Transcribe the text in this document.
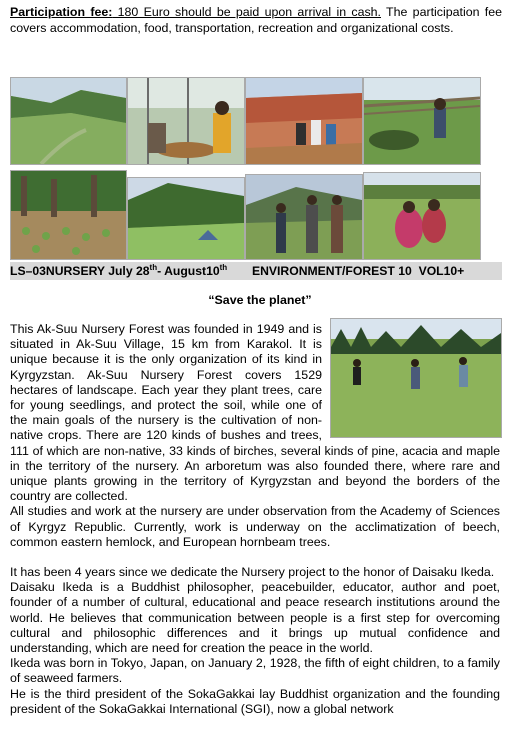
Participation fee: 180 Euro should be paid upon arrival in cash. The participation fee covers accommodation, food, transportation, recreation and organizational costs.
LS–03NURSERY July 28th- August10th ENVIRONMENT/FOREST 10  VOL10+
“Save the planet”

This Ak-Suu Nursery Forest was founded in 1949 and is situated in Ak-Suu Village, 15 km from Karakol. It is unique because it is the only organization of its kind in Kyrgyzstan. Ak-Suu Nursery Forest covers 1529 hectares of landscape. Each year they plant trees, care for young seedlings, and protect the soil, while one of the main goals of the nursery is the cultivation of non-native crops. There are 120 kinds of bushes and trees, 111 of which are non-native, 33 kinds of birches, several kinds of pine, acacia and maple in the territory of the nursery. An arboretum was also founded there, where rare and unique plants growing in the territory of Kyrgyzstan and beyond the borders of the country are collected.

All studies and work at the nursery are under observation from the Academy of Sciences of Kyrgyz Republic. Currently, work is underway on the acclimatization of beech, common eastern hemlock, and European hornbeam trees.

It has been 4 years since we dedicate the Nursery project to the honor of Daisaku Ikeda.

Daisaku Ikeda is a Buddhist philosopher, peacebuilder, educator, author and poet, founder of a number of cultural, educational and peace research institutions around the world. He believes that communication between people is a first step for overcoming cultural and philosophic differences and it brings up mutual confidence and understanding, which are need for creation the peace in the world.

Ikeda was born in Tokyo, Japan, on January 2, 1928, the fifth of eight children, to a family of seaweed farmers.

He is the third president of the SokaGakkai lay Buddhist organization and the founding president of the SokaGakkai International (SGI), now a global network
